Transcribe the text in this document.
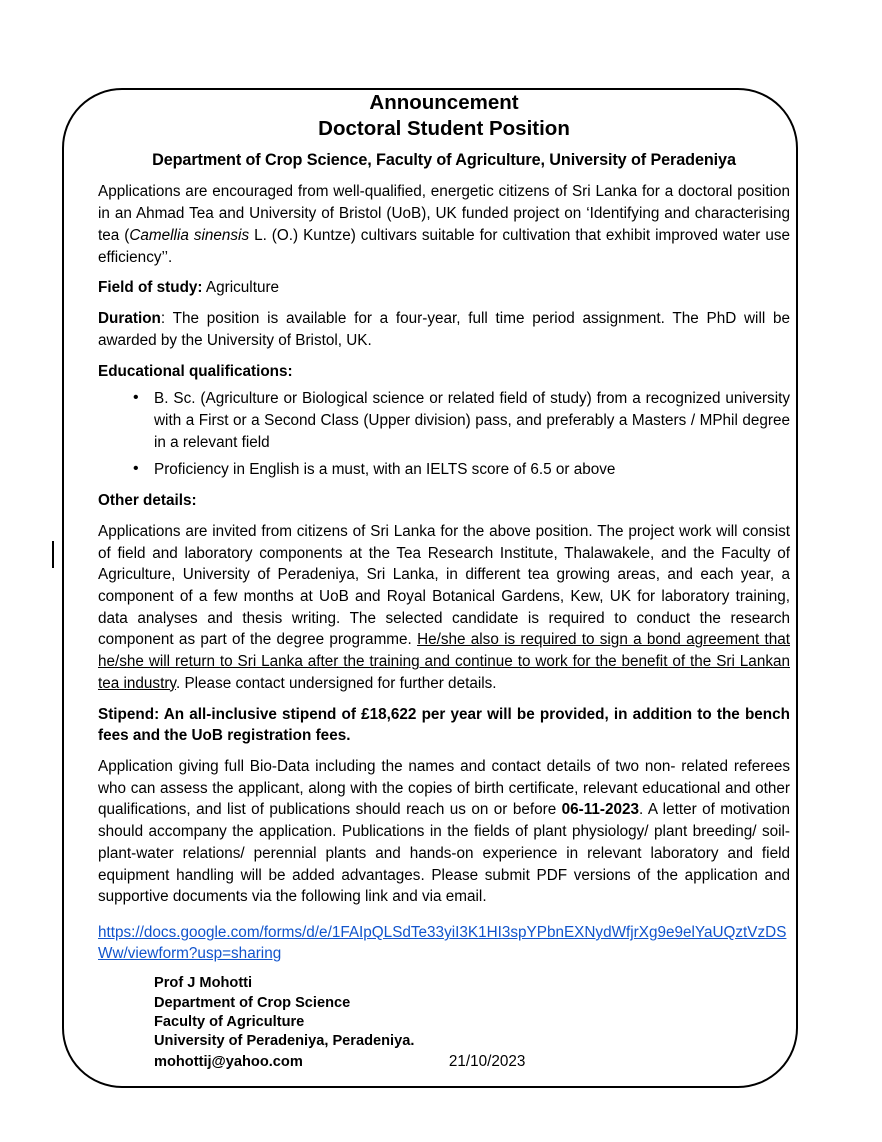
Announcement
Doctoral Student Position
Department of Crop Science, Faculty of Agriculture, University of Peradeniya

Applications are encouraged from well-qualified, energetic citizens of Sri Lanka for a doctoral position in an Ahmad Tea and University of Bristol (UoB), UK funded project on ‘Identifying and characterising tea (Camellia sinensis L. (O.) Kuntze) cultivars suitable for cultivation that exhibit improved water use efficiency’’.

Field of study: Agriculture

Duration: The position is available for a four-year, full time period assignment. The PhD will be awarded by the University of Bristol, UK.

Educational qualifications:

• B. Sc. (Agriculture or Biological science or related field of study) from a recognized university with a First or a Second Class (Upper division) pass, and preferably a Masters / MPhil degree in a relevant field
• Proficiency in English is a must, with an IELTS score of 6.5 or above

Other details:

Applications are invited from citizens of Sri Lanka for the above position. The project work will consist of field and laboratory components at the Tea Research Institute, Thalawakele, and the Faculty of Agriculture, University of Peradeniya, Sri Lanka, in different tea growing areas, and each year, a component of a few months at UoB and Royal Botanical Gardens, Kew, UK for laboratory training, data analyses and thesis writing. The selected candidate is required to conduct the research component as part of the degree programme. He/she also is required to sign a bond agreement that he/she will return to Sri Lanka after the training and continue to work for the benefit of the Sri Lankan tea industry. Please contact undersigned for further details.

Stipend: An all-inclusive stipend of £18,622 per year will be provided, in addition to the bench fees and the UoB registration fees.

Application giving full Bio-Data including the names and contact details of two non- related referees who can assess the applicant, along with the copies of birth certificate, relevant educational and other qualifications, and list of publications should reach us on or before 06-11-2023. A letter of motivation should accompany the application. Publications in the fields of plant physiology/ plant breeding/ soil-plant-water relations/ perennial plants and hands-on experience in relevant laboratory and field equipment handling will be added advantages. Please submit PDF versions of the application and supportive documents via the following link and via email.

https://docs.google.com/forms/d/e/1FAIpQLSdTe33yiI3K1HI3spYPbnEXNydWfjrXg9e9elYaUQztVzDSWw/viewform?usp=sharing
Prof J Mohotti
Department of Crop Science
Faculty of Agriculture
University of Peradeniya, Peradeniya.
mohottij@yahoo.com	21/10/2023
